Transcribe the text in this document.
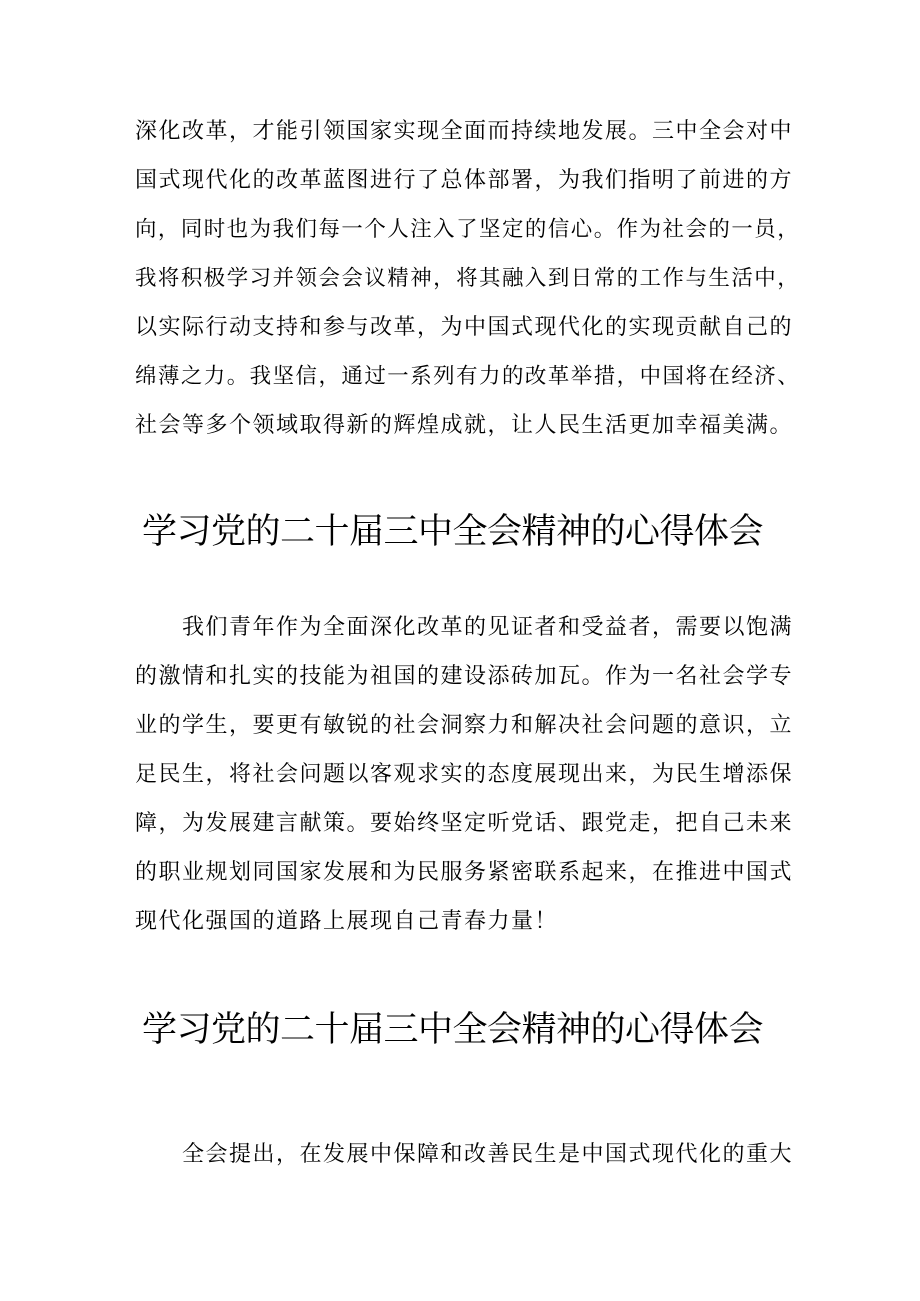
深化改革，才能引领国家实现全面而持续地发展。三中全会对中
国式现代化的改革蓝图进行了总体部署，为我们指明了前进的方
向，同时也为我们每一个人注入了坚定的信心。作为社会的一员，
我将积极学习并领会会议精神，将其融入到日常的工作与生活中，
以实际行动支持和参与改革，为中国式现代化的实现贡献自己的
绵薄之力。我坚信，通过一系列有力的改革举措，中国将在经济、
社会等多个领域取得新的辉煌成就，让人民生活更加幸福美满。
学习党的二十届三中全会精神的心得体会
　　我们青年作为全面深化改革的见证者和受益者，需要以饱满
的激情和扎实的技能为祖国的建设添砖加瓦。作为一名社会学专
业的学生，要更有敏锐的社会洞察力和解决社会问题的意识，立
足民生，将社会问题以客观求实的态度展现出来，为民生增添保
障，为发展建言献策。要始终坚定听党话、跟党走，把自己未来
的职业规划同国家发展和为民服务紧密联系起来，在推进中国式
现代化强国的道路上展现自己青春力量！
学习党的二十届三中全会精神的心得体会
　　全会提出，在发展中保障和改善民生是中国式现代化的重大
